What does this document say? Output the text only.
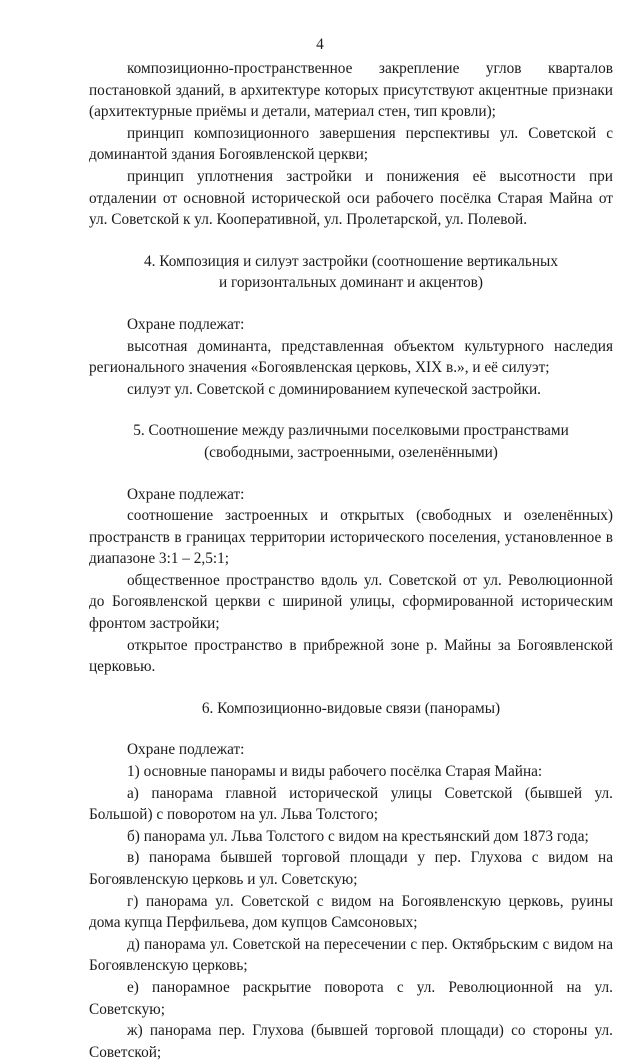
4

композиционно-пространственное закрепление углов кварталов постановкой зданий, в архитектуре которых присутствуют акцентные признаки (архитектурные приёмы и детали, материал стен, тип кровли);

принцип композиционного завершения перспективы ул. Советской с доминантой здания Богоявленской церкви;

принцип уплотнения застройки и понижения её высотности при отдалении от основной исторической оси рабочего посёлка Старая Майна от ул. Советской к ул. Кооперативной, ул. Пролетарской, ул. Полевой.

4. Композиция и силуэт застройки (соотношение вертикальных
и горизонтальных доминант и акцентов)

Охране подлежат:

высотная доминанта, представленная объектом культурного наследия регионального значения «Богоявленская церковь, XIX в.», и её силуэт;

силуэт ул. Советской с доминированием купеческой застройки.

5. Соотношение между различными поселковыми пространствами
(свободными, застроенными, озеленёнными)

Охране подлежат:

соотношение застроенных и открытых (свободных и озеленённых) пространств в границах территории исторического поселения, установленное в диапазоне 3:1 – 2,5:1;

общественное пространство вдоль ул. Советской от ул. Революционной до Богоявленской церкви с шириной улицы, сформированной историческим фронтом застройки;

открытое пространство в прибрежной зоне р. Майны за Богоявленской церковью.

6. Композиционно-видовые связи (панорамы)

Охране подлежат:

1) основные панорамы и виды рабочего посёлка Старая Майна:

а) панорама главной исторической улицы Советской (бывшей ул. Большой) с поворотом на ул. Льва Толстого;

б) панорама ул. Льва Толстого с видом на крестьянский дом 1873 года;

в) панорама бывшей торговой площади у пер. Глухова с видом на Богоявленскую церковь и ул. Советскую;

г) панорама ул. Советской с видом на Богоявленскую церковь, руины дома купца Перфильева, дом купцов Самсоновых;

д) панорама ул. Советской на пересечении с пер. Октябрьским с видом на Богоявленскую церковь;

е) панорамное раскрытие поворота с ул. Революционной на ул. Советскую;

ж) панорама пер. Глухова (бывшей торговой площади) со стороны ул. Советской;
